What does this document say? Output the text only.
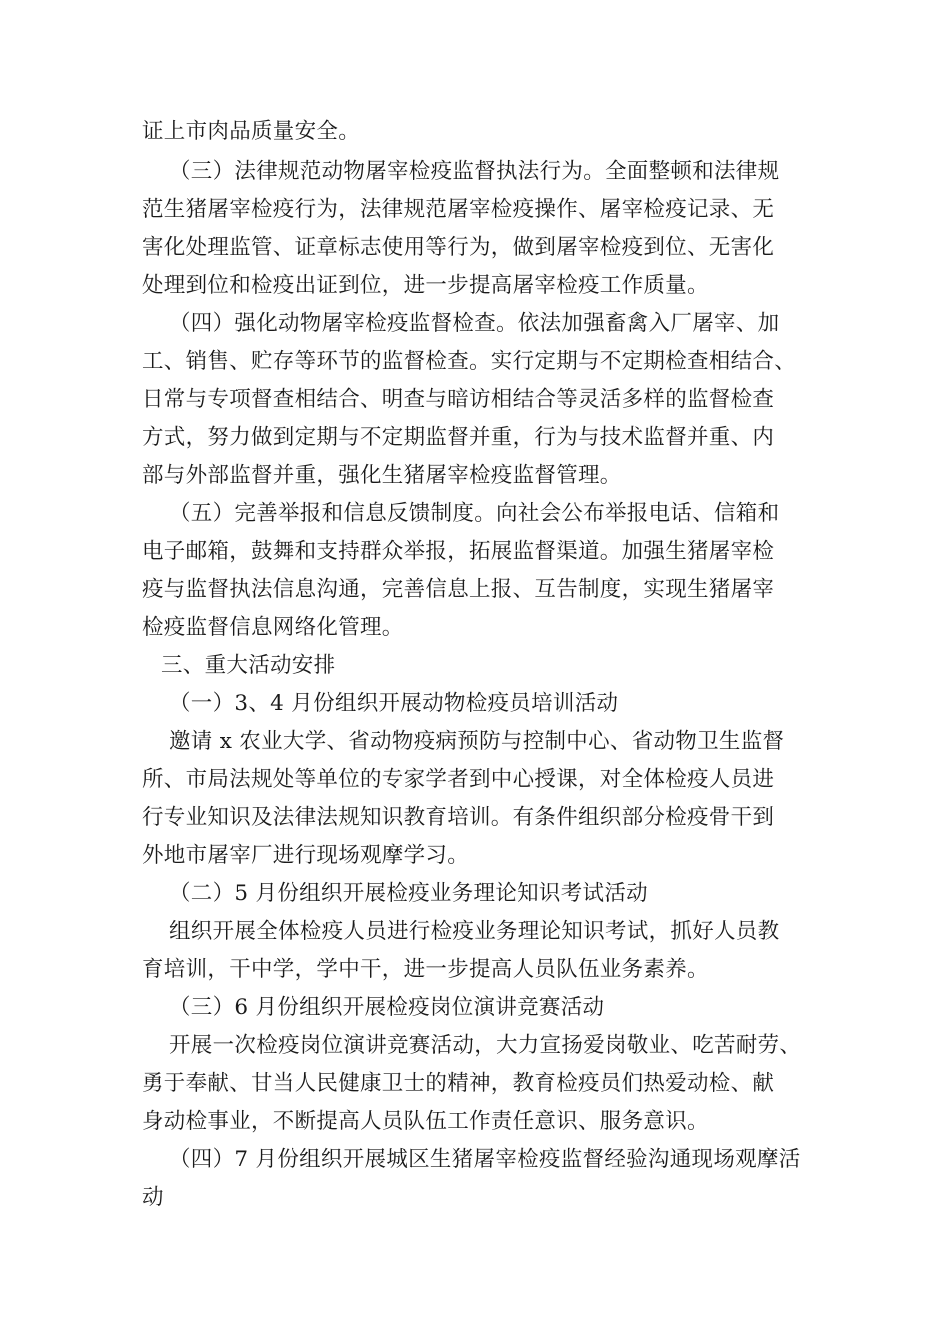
证上市肉品质量安全。
（三）法律规范动物屠宰检疫监督执法行为。全面整顿和法律规
范生猪屠宰检疫行为，法律规范屠宰检疫操作、屠宰检疫记录、无
害化处理监管、证章标志使用等行为，做到屠宰检疫到位、无害化
处理到位和检疫出证到位，进一步提高屠宰检疫工作质量。
（四）强化动物屠宰检疫监督检查。依法加强畜禽入厂屠宰、加
工、销售、贮存等环节的监督检查。实行定期与不定期检查相结合、
日常与专项督查相结合、明查与暗访相结合等灵活多样的监督检查
方式，努力做到定期与不定期监督并重，行为与技术监督并重、内
部与外部监督并重，强化生猪屠宰检疫监督管理。
（五）完善举报和信息反馈制度。向社会公布举报电话、信箱和
电子邮箱，鼓舞和支持群众举报，拓展监督渠道。加强生猪屠宰检
疫与监督执法信息沟通，完善信息上报、互告制度，实现生猪屠宰
检疫监督信息网络化管理。
三、重大活动安排
（一）3、4 月份组织开展动物检疫员培训活动
邀请 x 农业大学、省动物疫病预防与控制中心、省动物卫生监督
所、市局法规处等单位的专家学者到中心授课，对全体检疫人员进
行专业知识及法律法规知识教育培训。有条件组织部分检疫骨干到
外地市屠宰厂进行现场观摩学习。
（二）5 月份组织开展检疫业务理论知识考试活动
组织开展全体检疫人员进行检疫业务理论知识考试，抓好人员教
育培训，干中学，学中干，进一步提高人员队伍业务素养。
（三）6 月份组织开展检疫岗位演讲竞赛活动
开展一次检疫岗位演讲竞赛活动，大力宣扬爱岗敬业、吃苦耐劳、
勇于奉献、甘当人民健康卫士的精神，教育检疫员们热爱动检、献
身动检事业，不断提高人员队伍工作责任意识、服务意识。
（四）7 月份组织开展城区生猪屠宰检疫监督经验沟通现场观摩活
动
